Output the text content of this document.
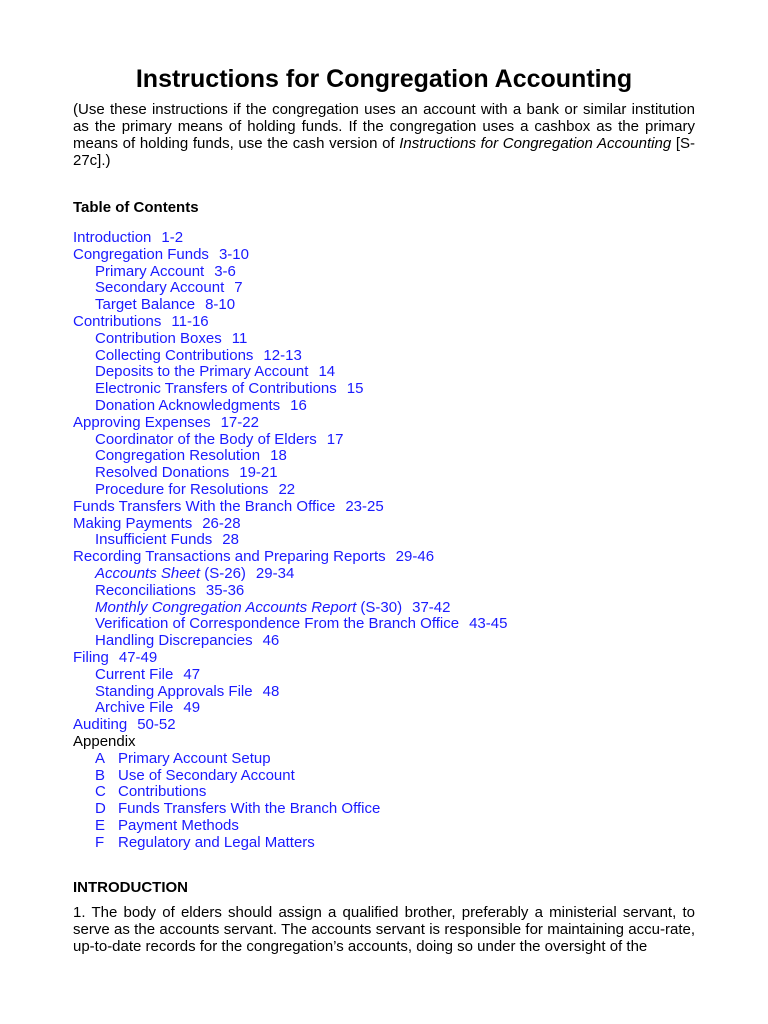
Instructions for Congregation Accounting
(Use these instructions if the congregation uses an account with a bank or similar institution as the primary means of holding funds. If the congregation uses a cashbox as the primary means of holding funds, use the cash version of Instructions for Congregation Accounting [S-27c].)
Table of Contents
Introduction 1-2
Congregation Funds 3-10
Primary Account 3-6
Secondary Account 7
Target Balance 8-10
Contributions 11-16
Contribution Boxes 11
Collecting Contributions 12-13
Deposits to the Primary Account 14
Electronic Transfers of Contributions 15
Donation Acknowledgments 16
Approving Expenses 17-22
Coordinator of the Body of Elders 17
Congregation Resolution 18
Resolved Donations 19-21
Procedure for Resolutions 22
Funds Transfers With the Branch Office 23-25
Making Payments 26-28
Insufficient Funds 28
Recording Transactions and Preparing Reports 29-46
Accounts Sheet (S-26) 29-34
Reconciliations 35-36
Monthly Congregation Accounts Report (S-30) 37-42
Verification of Correspondence From the Branch Office 43-45
Handling Discrepancies 46
Filing 47-49
Current File 47
Standing Approvals File 48
Archive File 49
Auditing 50-52
Appendix
A Primary Account Setup
B Use of Secondary Account
C Contributions
D Funds Transfers With the Branch Office
E Payment Methods
F Regulatory and Legal Matters
INTRODUCTION
1. The body of elders should assign a qualified brother, preferably a ministerial servant, to serve as the accounts servant. The accounts servant is responsible for maintaining accu-rate, up-to-date records for the congregation’s accounts, doing so under the oversight of the
